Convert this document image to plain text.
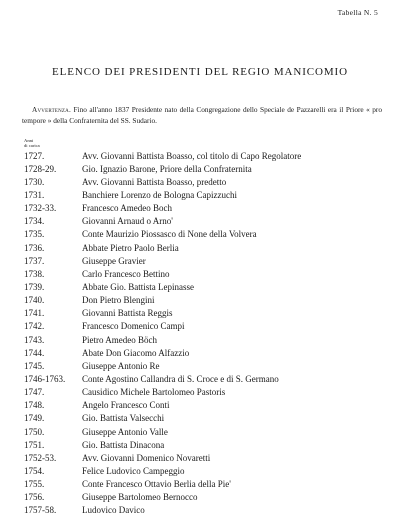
Tabella N. 5
ELENCO DEI PRESIDENTI DEL REGIO MANICOMIO
Avvertenza. Fino all'anno 1837 Presidente nato della Congregazione dello Speciale de Pazzarelli era il Priore « pro tempore » della Confraternita del SS. Sudario.
Anni
di carica
1727.	Avv. Giovanni Battista Boasso, col titolo di Capo Regolatore
1728-29.	Gio. Ignazio Barone, Priore della Confraternita
1730.	Avv. Giovanni Battista Boasso, predetto
1731.	Banchiere Lorenzo de Bologna Capizzuchi
1732-33.	Francesco Amedeo Boch
1734.	Giovanni Arnaud o Arno'
1735.	Conte Maurizio Piossasco di None della Volvera
1736.	Abbate Pietro Paolo Berlia
1737.	Giuseppe Gravier
1738.	Carlo Francesco Bettino
1739.	Abbate Gio. Battista Lepinasse
1740.	Don Pietro Blengini
1741.	Giovanni Battista Reggis
1742.	Francesco Domenico Campi
1743.	Pietro Amedeo Böch
1744.	Abate Don Giacomo Alfazzio
1745.	Giuseppe Antonio Re
1746-1763.	Conte Agostino Callandra di S. Croce e di S. Germano
1747.	Causidico Michele Bartolomeo Pastoris
1748.	Angelo Francesco Conti
1749.	Gio. Battista Valsecchi
1750.	Giuseppe Antonio Valle
1751.	Gio. Battista Dinacona
1752-53.	Avv. Giovanni Domenico Novaretti
1754.	Felice Ludovico Campeggio
1755.	Conte Francesco Ottavio Berlia della Pie'
1756.	Giuseppe Bartolomeo Bernocco
1757-58.	Ludovico Davico
